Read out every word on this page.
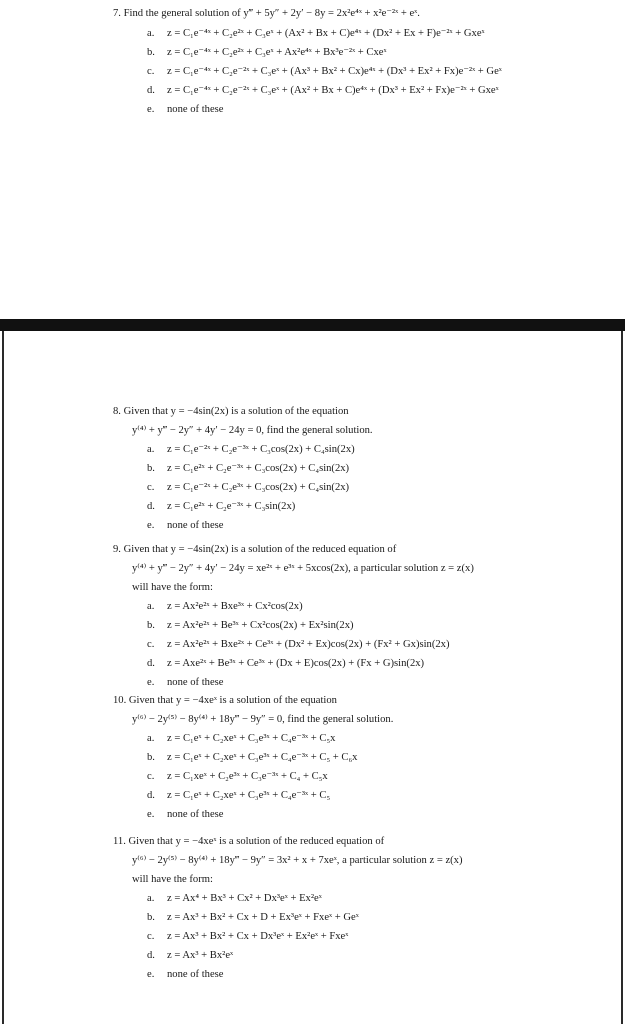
7. Find the general solution of y‴ + 5y″ + 2y′ − 8y = 2x²e⁴ˣ + x²e⁻²ˣ + eˣ.
a.	z = C₁e⁻⁴ˣ + C₂e²ˣ + C₃eˣ + (Ax² + Bx + C)e⁴ˣ + (Dx² + Ex + F)e⁻²ˣ + Gxeˣ
b.	z = C₁e⁻⁴ˣ + C₂e²ˣ + C₃eˣ + Ax²e⁴ˣ + Bx³e⁻²ˣ + Cxeˣ
c.	z = C₁e⁻⁴ˣ + C₂e⁻²ˣ + C₃eˣ + (Ax³ + Bx² + Cx)e⁴ˣ + (Dx³ + Ex² + Fx)e⁻²ˣ + Geˣ
d.	z = C₁e⁻⁴ˣ + C₂e⁻²ˣ + C₃eˣ + (Ax² + Bx + C)e⁴ˣ + (Dx³ + Ex² + Fx)e⁻²ˣ + Gxeˣ
e.	none of these
8. Given that y = −4sin(2x) is a solution of the equation
y⁽⁴⁾ + y‴ − 2y″ + 4y′ − 24y = 0, find the general solution.
a.	z = C₁e⁻²ˣ + C₂e⁻³ˣ + C₃cos(2x) + C₄sin(2x)
b.	z = C₁e²ˣ + C₂e⁻³ˣ + C₃cos(2x) + C₄sin(2x)
c.	z = C₁e⁻²ˣ + C₂e³ˣ + C₃cos(2x) + C₄sin(2x)
d.	z = C₁e²ˣ + C₂e⁻³ˣ + C₃sin(2x)
e.	none of these
9. Given that y = −4sin(2x) is a solution of the reduced equation of
y⁽⁴⁾ + y‴ − 2y″ + 4y′ − 24y = xe²ˣ + e³ˣ + 5xcos(2x), a particular solution z = z(x)
will have the form:
a.	z = Ax²e²ˣ + Bxe³ˣ + Cx²cos(2x)
b.	z = Ax²e²ˣ + Be³ˣ + Cx²cos(2x) + Ex²sin(2x)
c.	z = Ax²e²ˣ + Bxe²ˣ + Ce³ˣ + (Dx² + Ex)cos(2x) + (Fx² + Gx)sin(2x)
d.	z = Axe²ˣ + Be³ˣ + Ce³ˣ + (Dx + E)cos(2x) + (Fx + G)sin(2x)
e.	none of these
10. Given that y = −4xeˣ is a solution of the equation
y⁽⁶⁾ − 2y⁽⁵⁾ − 8y⁽⁴⁾ + 18y‴ − 9y″ = 0, find the general solution.
a.	z = C₁eˣ + C₂xeˣ + C₃e³ˣ + C₄e⁻³ˣ + C₅x
b.	z = C₁eˣ + C₂xeˣ + C₃e³ˣ + C₄e⁻³ˣ + C₅ + C₆x
c.	z = C₁xeˣ + C₂e³ˣ + C₃e⁻³ˣ + C₄ + C₅x
d.	z = C₁eˣ + C₂xeˣ + C₃e³ˣ + C₄e⁻³ˣ + C₅
e.	none of these
11. Given that y = −4xeˣ is a solution of the reduced equation of
y⁽⁶⁾ − 2y⁽⁵⁾ − 8y⁽⁴⁾ + 18y‴ − 9y″ = 3x² + x + 7xeˣ, a particular solution z = z(x)
will have the form:
a.	z = Ax⁴ + Bx³ + Cx² + Dx³eˣ + Ex²eˣ
b.	z = Ax³ + Bx² + Cx + D + Ex³eˣ + Fxeˣ + Geˣ
c.	z = Ax³ + Bx² + Cx + Dx³eˣ + Ex²eˣ + Fxeˣ
d.	z = Ax³ + Bx²eˣ
e.	none of these
